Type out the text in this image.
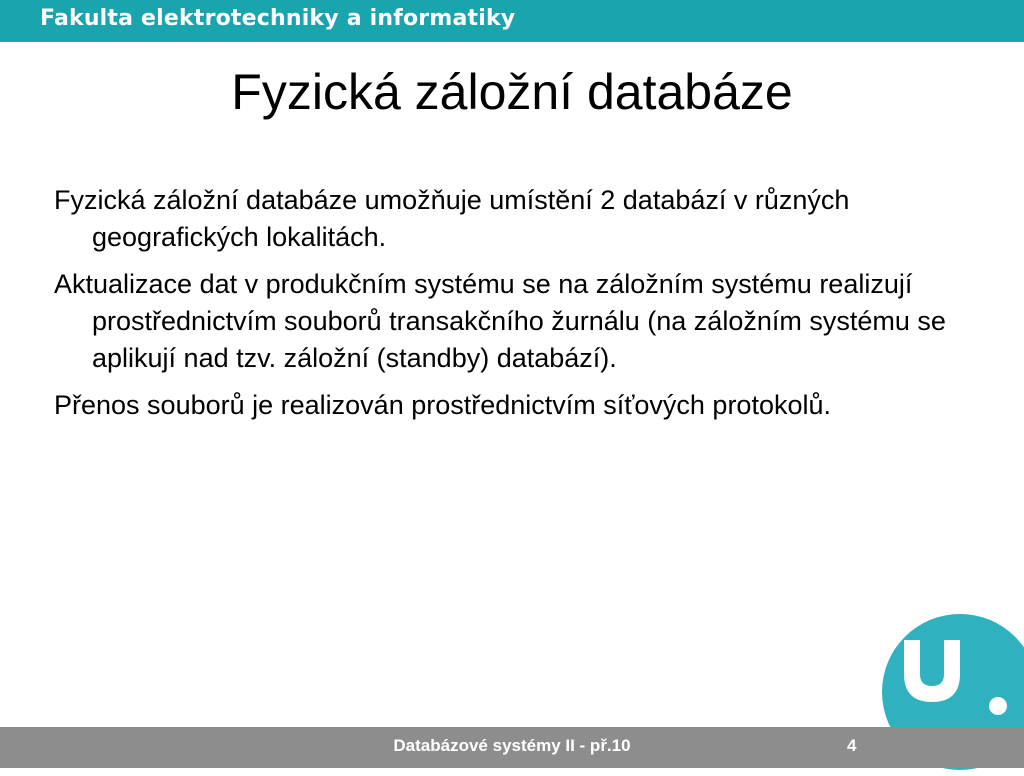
Fakulta elektrotechniky a informatiky
Fyzická záložní databáze
Fyzická záložní databáze umožňuje umístění 2 databází v různých geografických lokalitách.
Aktualizace dat v produkčním systému se na záložním systému realizují prostřednictvím souborů transakčního žurnálu (na záložním systému se aplikují nad tzv. záložní (standby) databází).
Přenos souborů je realizován prostřednictvím síťových protokolů.
Databázové systémy II - př.10	4
